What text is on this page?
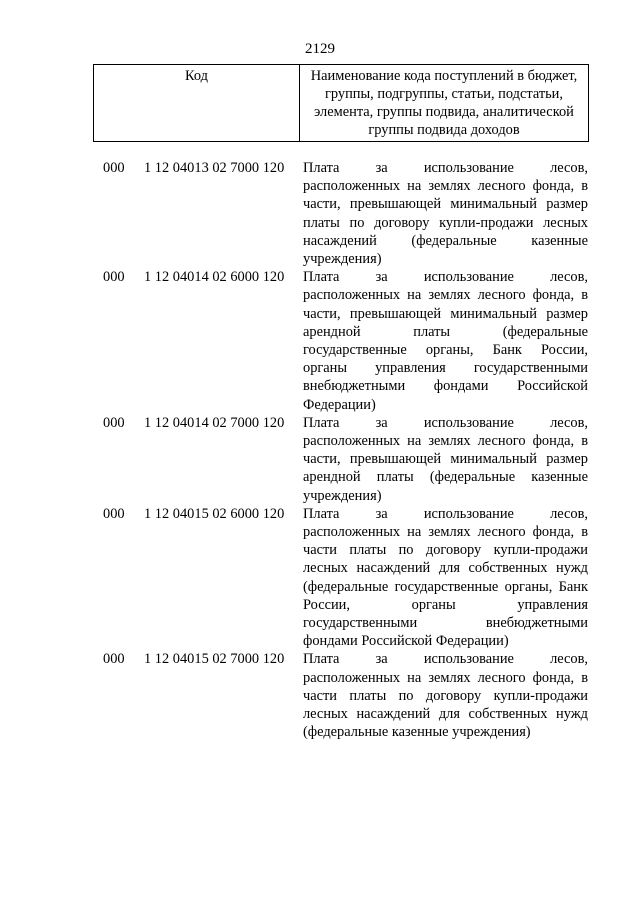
2129
Код	Наименование кода поступлений в бюджет,
группы, подгруппы, статьи, подстатьи,
элемента, группы подвида, аналитической
группы подвида доходов
000 1 12 04013 02 7000 120 Плата за использование лесов,
расположенных на землях лесного фонда, в
части, превышающей минимальный размер
платы по договору купли-продажи лесных
насаждений (федеральные казенные
учреждения)
000 1 12 04014 02 6000 120 Плата за использование лесов,
расположенных на землях лесного фонда, в
части, превышающей минимальный размер
арендной платы (федеральные
государственные органы, Банк России,
органы управления государственными
внебюджетными фондами Российской
Федерации)
000 1 12 04014 02 7000 120 Плата за использование лесов,
расположенных на землях лесного фонда, в
части, превышающей минимальный размер
арендной платы (федеральные казенные
учреждения)
000 1 12 04015 02 6000 120 Плата за использование лесов,
расположенных на землях лесного фонда, в
части платы по договору купли-продажи
лесных насаждений для собственных нужд
(федеральные государственные органы, Банк
России, органы управления
государственными внебюджетными
фондами Российской Федерации)
000 1 12 04015 02 7000 120 Плата за использование лесов,
расположенных на землях лесного фонда, в
части платы по договору купли-продажи
лесных насаждений для собственных нужд
(федеральные казенные учреждения)
